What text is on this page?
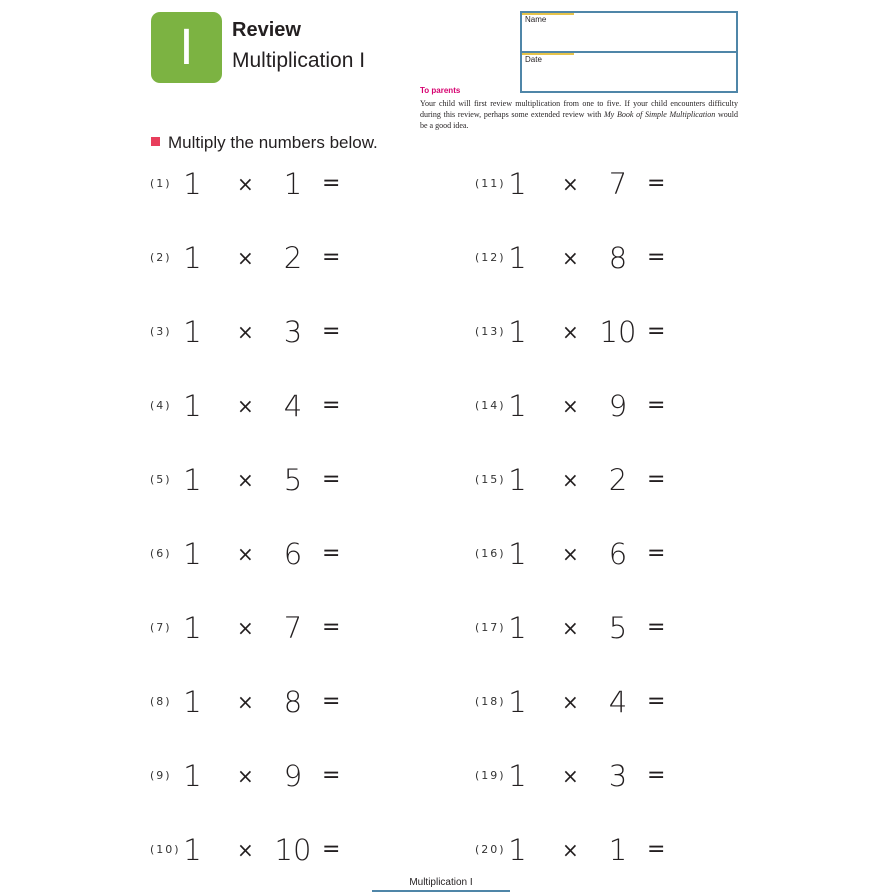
I	Review
Multiplication I
Name
Date
To parents
Your child will first review multiplication from one to five. If your child encounters difficulty during this review, perhaps some extended review with My Book of Simple Multiplication would be a good idea.
Multiply the numbers below.
(1) 1 ×	1 =
(2) 1 ×	2 =
(3) 1 ×	3 =
(4) 1 ×	4 =
(5) 1 ×	5 =
(6) 1 ×	6 =
(7) 1 ×	7 =
(8) 1 ×	8 =
(9) 1 ×	9 =
(10) 1 × 10 =
(11) 1 ×	7 =
(12) 1 ×	8 =
(13) 1 × 10 =
(14) 1 ×	9 =
(15) 1 ×	2 =
(16) 1 ×	6 =
(17) 1 ×	5 =
(18) 1 ×	4 =
(19) 1 ×	3 =
(20) 1 ×	1 =
Multiplication I
